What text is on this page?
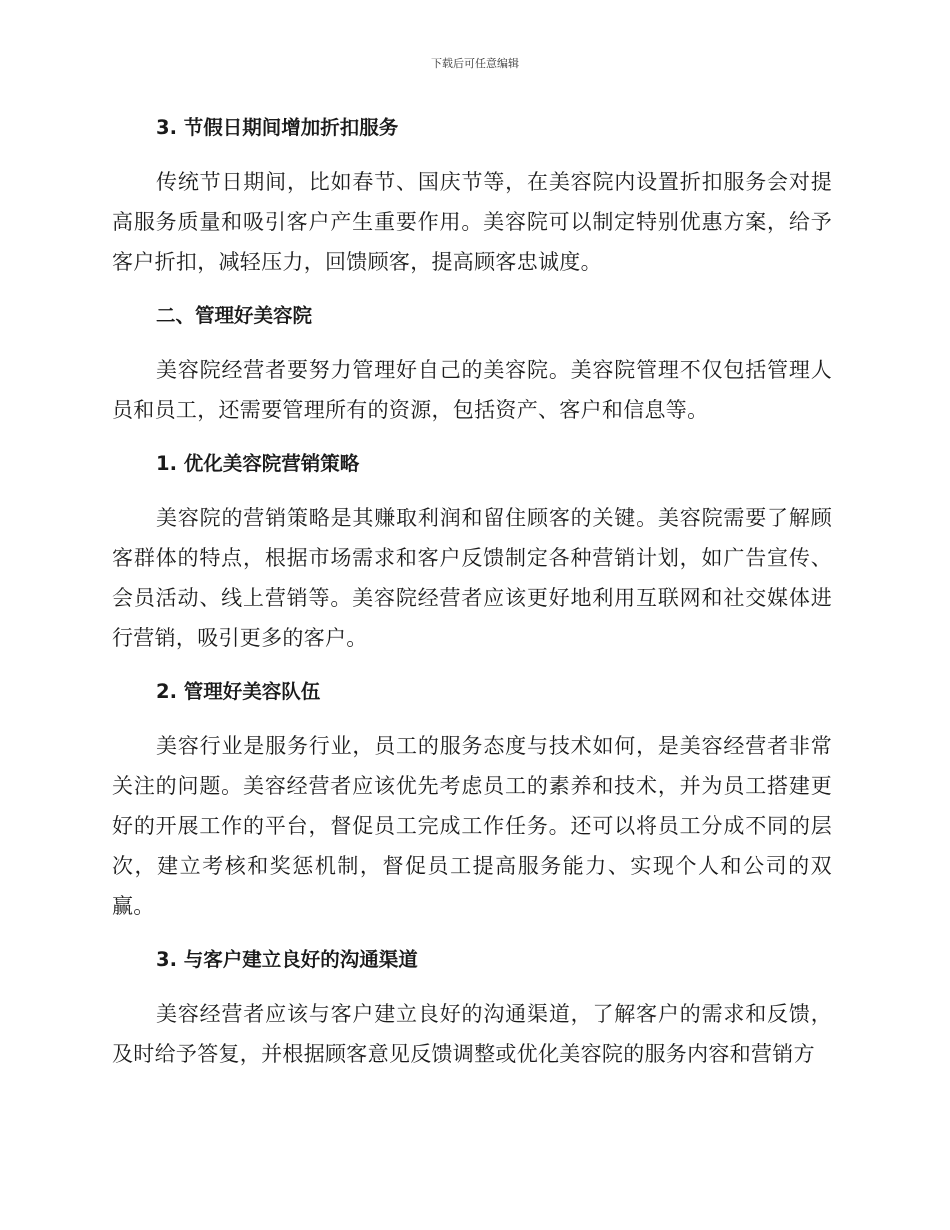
下载后可任意编辑
3. 节假日期间增加折扣服务

传统节日期间，比如春节、国庆节等，在美容院内设置折扣服务会对提高服务质量和吸引客户产生重要作用。美容院可以制定特别优惠方案，给予客户折扣，减轻压力，回馈顾客，提高顾客忠诚度。

二、管理好美容院

美容院经营者要努力管理好自己的美容院。美容院管理不仅包括管理人员和员工，还需要管理所有的资源，包括资产、客户和信息等。

1. 优化美容院营销策略

美容院的营销策略是其赚取利润和留住顾客的关键。美容院需要了解顾客群体的特点，根据市场需求和客户反馈制定各种营销计划，如广告宣传、会员活动、线上营销等。美容院经营者应该更好地利用互联网和社交媒体进行营销，吸引更多的客户。

2. 管理好美容队伍

美容行业是服务行业，员工的服务态度与技术如何，是美容经营者非常关注的问题。美容经营者应该优先考虑员工的素养和技术，并为员工搭建更好的开展工作的平台，督促员工完成工作任务。还可以将员工分成不同的层次，建立考核和奖惩机制，督促员工提高服务能力、实现个人和公司的双赢。

3. 与客户建立良好的沟通渠道

美容经营者应该与客户建立良好的沟通渠道，了解客户的需求和反馈，及时给予答复，并根据顾客意见反馈调整或优化美容院的服务内容和营销方
